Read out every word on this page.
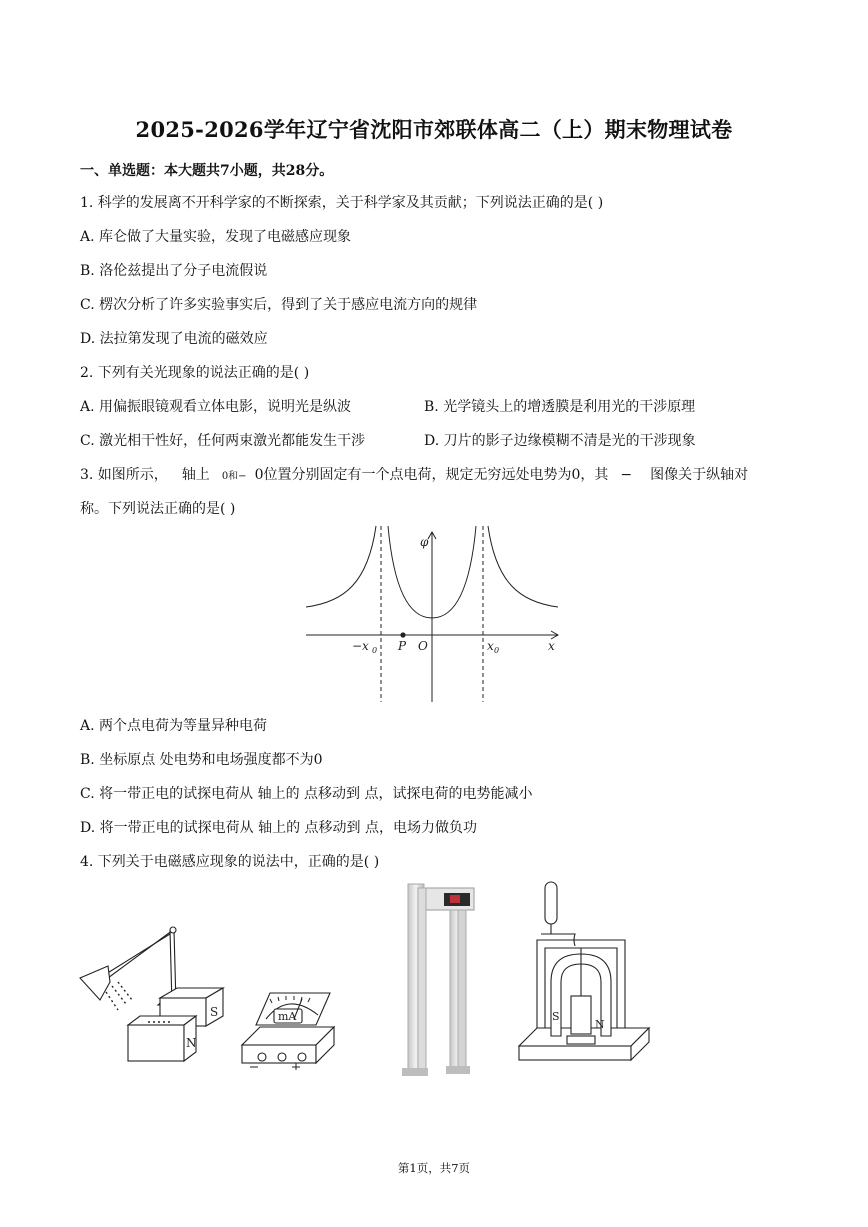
2025-2026学年辽宁省沈阳市郊联体高二（上）期末物理试卷
一、单选题：本大题共7小题，共28分。
1. 科学的发展离不开科学家的不断探索，关于科学家及其贡献；下列说法正确的是( )
A. 库仑做了大量实验，发现了电磁感应现象
B. 洛伦兹提出了分子电流假说
C. 楞次分析了许多实验事实后，得到了关于感应电流方向的规律
D. 法拉第发现了电流的磁效应
2. 下列有关光现象的说法正确的是( )
A. 用偏振眼镜观看立体电影，说明光是纵波	B. 光学镜头上的增透膜是利用光的干涉原理
C. 激光相干性好，任何两束激光都能发生干涉	D. 刀片的影子边缘模糊不清是光的干涉现象
3. 如图所示， 轴上 0和− 0位置分别固定有一个点电荷，规定无穷远处电势为0，其 − 图像关于纵轴对
称。下列说法正确的是( )
φ
−x 0 P O	x 0	x
A. 两个点电荷为等量异种电荷
B. 坐标原点 处电势和电场强度都不为0
C. 将一带正电的试探电荷从 轴上的 点移动到 点，试探电荷的电势能减小
D. 将一带正电的试探电荷从 轴上的 点移动到 点，电场力做负功
4. 下列关于电磁感应现象的说法中，正确的是( )
S
N
mA	S
N
第1页，共7页
